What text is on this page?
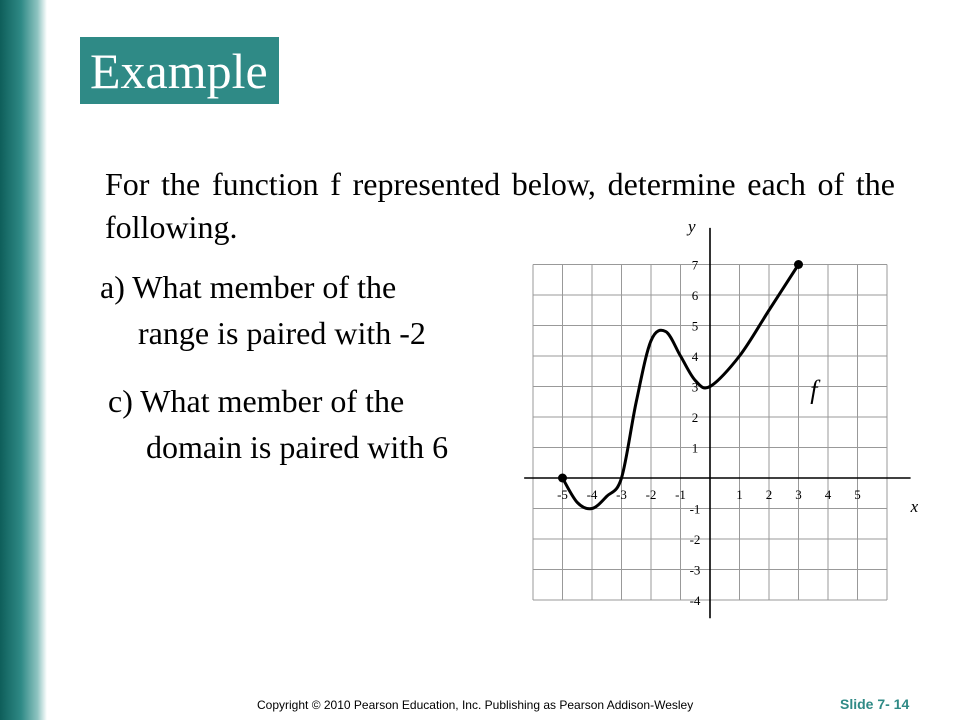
Example
For the function f represented below, determine each of the following.
a) What member of the
range is paired with -2
c) What member of the
domain is paired with 6
x
y
-5 -4 -3 -2 -1	1 2 3 4 5
7
6
5
4
3
2
1
-1
-2
-3
-4
f
Copyright © 2010 Pearson Education, Inc. Publishing as Pearson Addison-Wesley	Slide 7- 14
